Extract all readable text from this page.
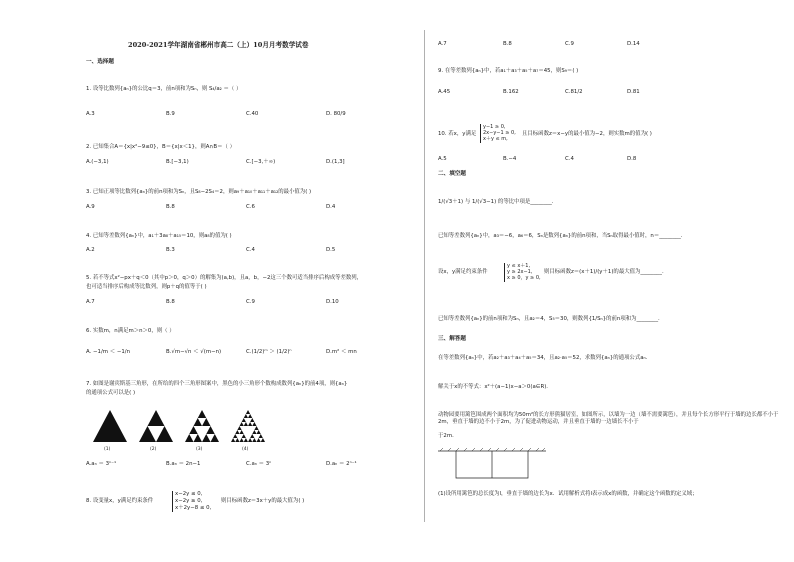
2020-2021学年湖南省郴州市高二（上）10月月考数学试卷
一、选择题
1. 设等比数列{aₙ}的公比q＝3，前n项和为Sₙ，则 S₄/a₂ ＝（ ）
A.3	B.9	C.40	D. 80/9
2. 已知集合A＝{x|x²−9≤0}，B＝{x|x＜1}，则A∩B＝（ ）
A.(−3,1)	B.[−3,1)	C.[−3,＋∞)	D.(1,3]
3. 已知正项等比数列{aₙ}的前n项和为Sₙ，且S₈−2S₄＝2，则a₉＋a₁₀＋a₁₁＋a₁₂的最小值为( )
A.9	B.8	C.6	D.4
4. 已知等差数列{aₙ}中，a₁＋3a₈＋a₁₅＝10，则a₈的值为( )
A.2	B.3	C.4	D.5
5. 若不等式x²−px＋q＜0（其中p＞0，q＞0）的解集为(a,b)，且a，b，−2这三个数可适当排序后构成等差数列，
也可适当排序后构成等比数列，则p＋q的值等于( )
A.7	B.8	C.9	D.10
6. 实数m，n满足m＞n＞0，则（ ）
A. −1/m ＜ −1/n	B.√m−√n ＜ √(m−n)	C.(1/2)ᵐ ＞ (1/2)ⁿ	D.m² ＜ mn
7. 如图是谢宾斯基三角形，在所给的四个三角形图案中，黑色的小三角形个数构成数列{aₙ}的前4项，则{aₙ}
的通项公式可以是( )
(1)	(2)	(3)	(4)
A.aₙ ＝ 3ⁿ⁻¹	B.aₙ ＝ 2n−1	C.aₙ ＝ 3ⁿ	D.aₙ ＝ 2ⁿ⁻¹
8. 设变量x，y满足约束条件
x−2y ≤ 0,
x−2y ≥ 0,
x＋2y−8 ≤ 0,
则目标函数z＝3x＋y的最大值为( )
A.7	B.8	C.9	D.14
9. 在等差数列{aₙ}中，若a₁＋a₃＋a₅＋a₇＝45，则S₉＝( )
A.45	B.162	C.81/2	D.81
10. 若x，y满足
y−1 ≥ 0,
2x−y−1 ≥ 0,
x＋y ≤ m,
且目标函数z＝x−y的最小值为−2，则实数m的值为( )
A.5	B.−4	C.4	D.8
二、填空题
1/(√3＋1) 与 1/(√3−1) 的等比中项是________.
已知等差数列{aₙ}中，a₃＝−6，a₆＝6，Sₙ是数列{aₙ}的前n项和，当Sₙ取得最小值时，n＝________.
设x，y满足约束条件
y ≤ x＋1,
y ≥ 2x−1,
x ≥ 0，y ≥ 0,
则目标函数z＝(x＋1)/(y＋1)的最大值为________.
已知等差数列{aₙ}的前n项和为Sₙ，且a₂＝4，S₅＝30，则数列{1/Sₙ}的前n项和为________.
三、解答题
在等差数列{aₙ}中，若a₂＋a₃＋a₄＋a₅＝34，且a₂·a₅＝52，求数列{aₙ}的通项公式aₙ.
解关于x的不等式：x²＋(a−1)x−a＞0(a∈R).
动物园要用篱笆围成两个面积均为50m²的长方形熊猫居室，如图所示，以墙为一边（墙不需要篱笆），并且每个长方形平行于墙的边长都不小于2m，垂直于墙的边不小于2m，为了促进动物运动，并且垂直于墙的一边墙长不小于
于2m．
(1)设所用篱笆的总长度为l，垂直于墙的边长为x．试用解析式将l表示成x的函数，并确定这个函数的定义域；
